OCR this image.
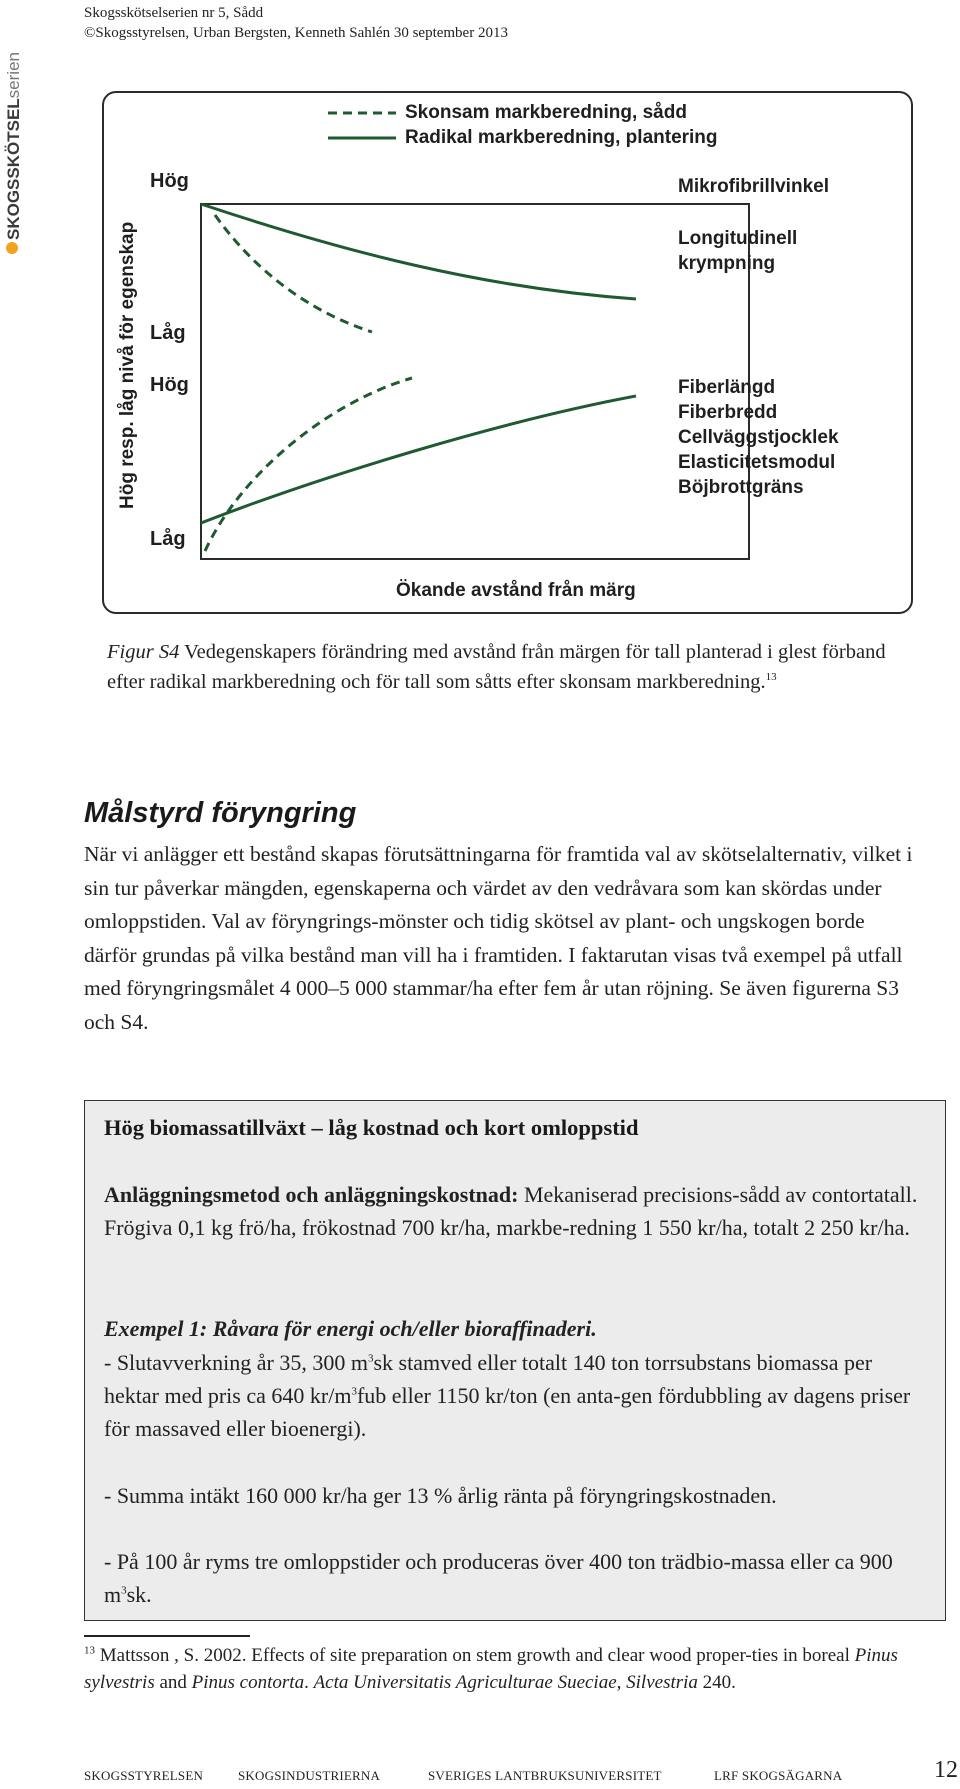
Skogsskötselserien nr 5, Sådd
©Skogsstyrelsen, Urban Bergsten, Kenneth Sahlén 30 september 2013
SKOGSSKÖTSELserien
Hög resp. låg nivå för egenskap
Skonsam markberedning, sådd
Radikal markberedning, plantering
Hög
Låg
Hög
Låg
Mikrofibrillvinkel
Longitudinell
krympning
Fiberlängd
Fiberbredd
Cellväggstjocklek
Elasticitetsmodul
Böjbrottgräns
Ökande avstånd från märg
Figur S4 Vedegenskapers förändring med avstånd från märgen för tall planterad i glest förband efter radikal markberedning och för tall som såtts efter skonsam markberedning.$^{13}$
Målstyrd föryngring
När vi anlägger ett bestånd skapas förutsättningarna för framtida val av skötselalternativ, vilket i sin tur påverkar mängden, egenskaperna och värdet av den vedråvara som kan skördas under omloppstiden. Val av föryngrings-mönster och tidig skötsel av plant- och ungskogen borde därför grundas på vilka bestånd man vill ha i framtiden. I faktarutan visas två exempel på utfall med föryngringsmålet 4 000–5 000 stammar/ha efter fem år utan röjning. Se även figurerna S3 och S4.
Hög biomassatillväxt – låg kostnad och kort omloppstid
Anläggningsmetod och anläggningskostnad: Mekaniserad precisions-sådd av contortatall. Frögiva 0,1 kg frö/ha, frökostnad 700 kr/ha, markbe-redning 1 550 kr/ha, totalt 2 250 kr/ha.
Exempel 1: Råvara för energi och/eller bioraffinaderi.
- Slutavverkning år 35, 300 $m^3sk$ stamved eller totalt 140 ton torrsubstans biomassa per hektar med pris ca 640 $kr/m^3fub$ eller 1150 kr/ton (en anta-gen fördubbling av dagens priser för massaved eller bioenergi).
- Summa intäkt 160 000 kr/ha ger 13 % årlig ränta på föryngringskostnaden.
- På 100 år ryms tre omloppstider och produceras över 400 ton trädbio-massa eller ca 900 $m^3sk$.
$^{13}$ Mattsson , S. 2002. Effects of site preparation on stem growth and clear wood proper-ties in boreal Pinus sylvestris and Pinus contorta. Acta Universitatis Agriculturae Sueciae, Silvestria 240.
SKOGSSTYRELSEN	SKOGSINDUSTRIERNA	SVERIGES LANTBRUKSUNIVERSITET	LRF SKOGSÄGARNA	12
